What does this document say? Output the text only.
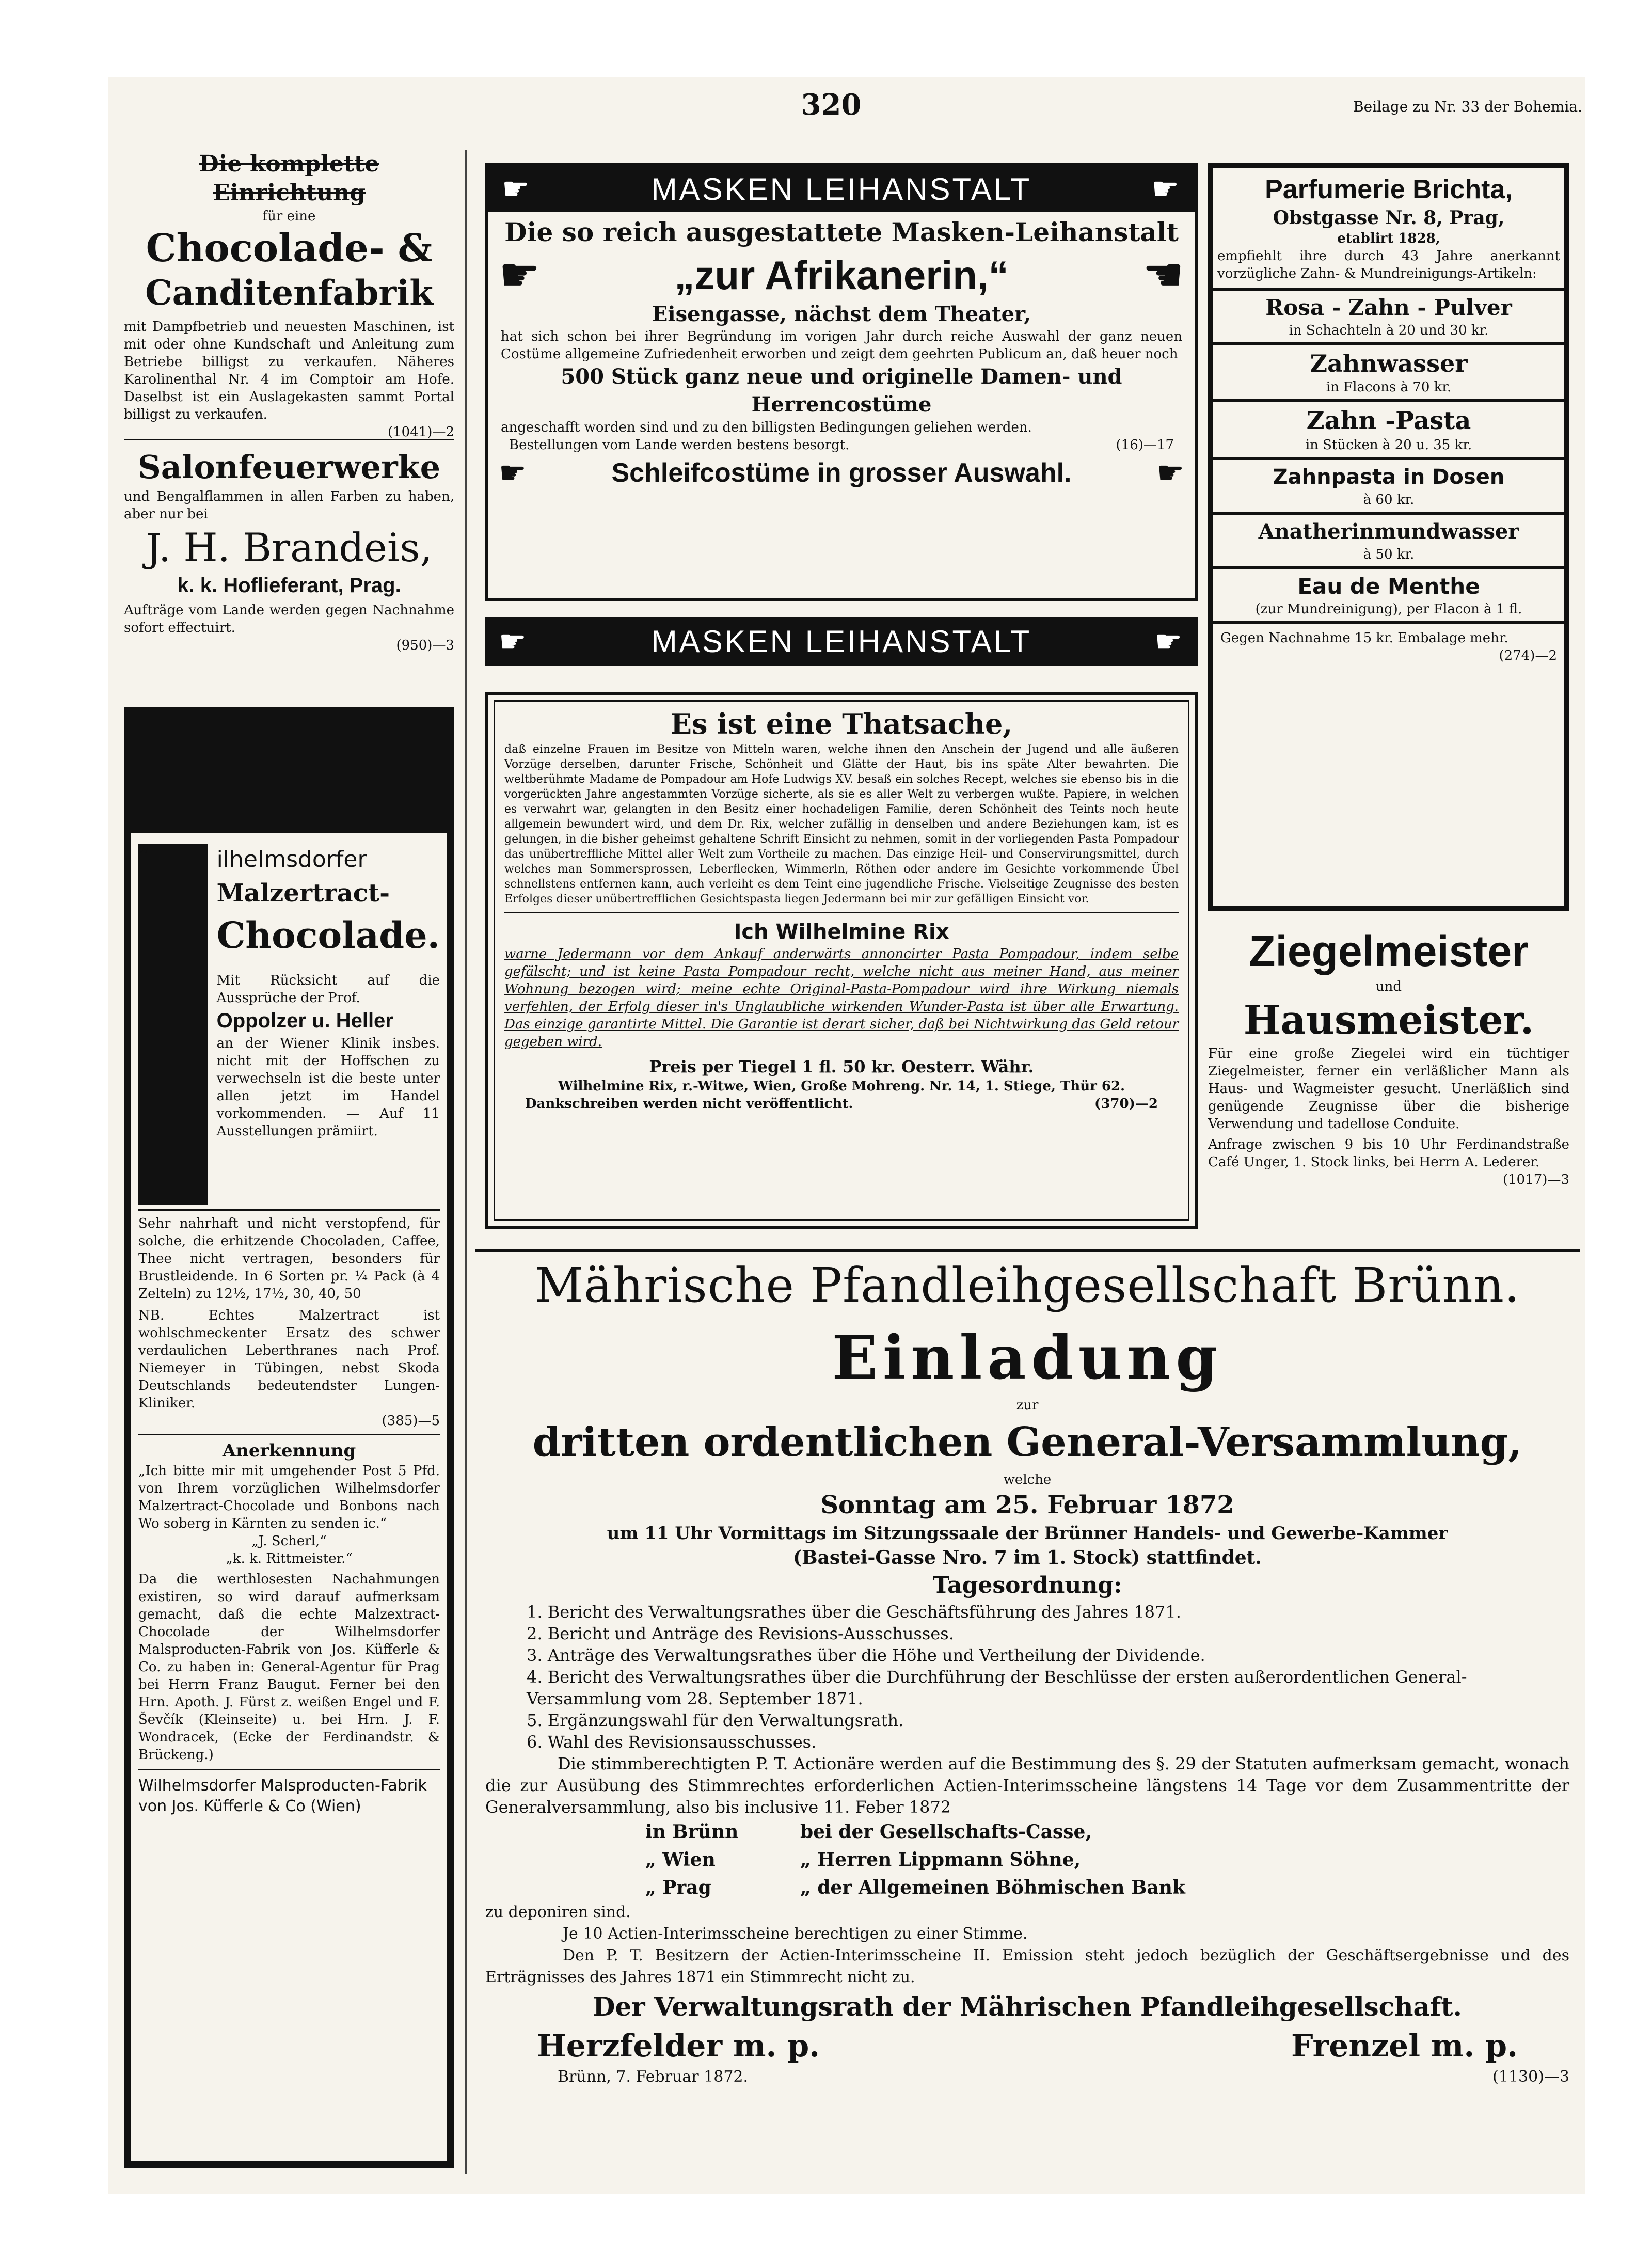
320	Beilage zu Nr. 33 der Bohemia.
Die komplette Einrichtung
für eine
Chocolade- &
Canditenfabrik
mit Dampfbetrieb und neuesten Maschinen, ist mit oder ohne Kundschaft und Anleitung zum Betriebe billigst zu verkaufen. Näheres Karolinenthal Nr. 4 im Comptoir am Hofe. Daselbst ist ein Auslagekasten sammt Portal billigst zu verkaufen.
(1041)—2
Salonfeuerwerke
und Bengalflammen in allen Farben zu haben, aber nur bei
J. H. Brandeis,
k. k. Hoflieferant, Prag.
Aufträge vom Lande werden gegen Nachnahme sofort effectuirt.
(950)—3
W	ilhelmsdorfer
Malzertract-
Chocolade.
Mit Rücksicht auf die Aussprüche der Prof.
Oppolzer u. Heller
an der Wiener Klinik insbes. nicht mit der Hoffschen zu verwechseln ist die beste unter allen jetzt im Handel vorkommenden. — Auf 11 Ausstellungen prämiirt.
Sehr nahrhaft und nicht verstopfend, für solche, die erhitzende Chocoladen, Caffee, Thee nicht vertragen, besonders für Brustleidende. In 6 Sorten pr. ¼ Pack (à 4 Zelteln) zu 12½, 17½, 30, 40, 50
NB. Echtes Malzertract ist wohlschmeckenter Ersatz des schwer verdaulichen Leberthranes nach Prof. Niemeyer in Tübingen, nebst Skoda Deutschlands bedeutendster Lungen-Kliniker.
(385)—5
Anerkennung
„Ich bitte mir mit umgehender Post 5 Pfd. von Ihrem vorzüglichen Wilhelmsdorfer Malzertract-Chocolade und Bonbons nach Wo soberg in Kärnten zu senden ic.“
„J. Scherl,“
„k. k. Rittmeister.“
Da die werthlosesten Nachahmungen existiren, so wird darauf aufmerksam gemacht, daß die echte Malzextract-Chocolade der Wilhelmsdorfer Malsproducten-Fabrik von Jos. Küfferle & Co. zu haben in: General-Agentur für Prag bei Herrn Franz Baugut. Ferner bei den Hrn. Apoth. J. Fürst z. weißen Engel und F. Ševčík (Kleinseite) u. bei Hrn. J. F. Wondracek, (Ecke der Ferdinandstr. & Brückeng.)
Wilhelmsdorfer Malsproducten-Fabrik von Jos. Küfferle & Co (Wien)
☛	MASKEN LEIHANSTALT	☛
Die so reich ausgestattete Masken-Leihanstalt
☛	„zur Afrikanerin,“	☛
Eisengasse, nächst dem Theater,
hat sich schon bei ihrer Begründung im vorigen Jahr durch reiche Auswahl der ganz neuen Costüme allgemeine Zufriedenheit erworben und zeigt dem geehrten Publicum an, daß heuer noch
500 Stück ganz neue und originelle Damen- und Herrencostüme
angeschafft worden sind und zu den billigsten Bedingungen geliehen werden.
Bestellungen vom Lande werden bestens besorgt.	(16)—17
☛	Schleifcostüme in grosser Auswahl.	☛
☛	MASKEN LEIHANSTALT	☛
Es ist eine Thatsache,
daß einzelne Frauen im Besitze von Mitteln waren, welche ihnen den Anschein der Jugend und alle äußeren Vorzüge derselben, darunter Frische, Schönheit und Glätte der Haut, bis ins späte Alter bewahrten. Die weltberühmte Madame de Pompadour am Hofe Ludwigs XV. besaß ein solches Recept, welches sie ebenso bis in die vorgerückten Jahre angestammten Vorzüge sicherte, als sie es aller Welt zu verbergen wußte. Papiere, in welchen es verwahrt war, gelangten in den Besitz einer hochadeligen Familie, deren Schönheit des Teints noch heute allgemein bewundert wird, und dem Dr. Rix, welcher zufällig in denselben und andere Beziehungen kam, ist es gelungen, in die bisher geheimst gehaltene Schrift Einsicht zu nehmen, somit in der vorliegenden Pasta Pompadour das unübertreffliche Mittel aller Welt zum Vortheile zu machen. Das einzige Heil- und Conservirungsmittel, durch welches man Sommersprossen, Leberflecken, Wimmerln, Röthen oder andere im Gesichte vorkommende Übel schnellstens entfernen kann, auch verleiht es dem Teint eine jugendliche Frische. Vielseitige Zeugnisse des besten Erfolges dieser unübertrefflichen Gesichtspasta liegen Jedermann bei mir zur gefälligen Einsicht vor.
Ich Wilhelmine Rix
warne Jedermann vor dem Ankauf anderwärts annoncirter Pasta Pompadour, indem selbe gefälscht; und ist keine Pasta Pompadour recht, welche nicht aus meiner Hand, aus meiner Wohnung bezogen wird; meine echte Original-Pasta-Pompadour wird ihre Wirkung niemals verfehlen, der Erfolg dieser in's Unglaubliche wirkenden Wunder-Pasta ist über alle Erwartung. Das einzige garantirte Mittel. Die Garantie ist derart sicher, daß bei Nichtwirkung das Geld retour gegeben wird.
Preis per Tiegel 1 fl. 50 kr. Oesterr. Währ.
Wilhelmine Rix, r.-Witwe, Wien, Große Mohreng. Nr. 14, 1. Stiege, Thür 62.
Dankschreiben werden nicht veröffentlicht.	(370)—2
Parfumerie Brichta,
Obstgasse Nr. 8, Prag,
etablirt 1828,
empfiehlt ihre durch 43 Jahre anerkannt vorzügliche Zahn- & Mundreinigungs-Artikeln:
Rosa - Zahn - Pulver
in Schachteln à 20 und 30 kr.
Zahnwasser
in Flacons à 70 kr.
Zahn -Pasta
in Stücken à 20 u. 35 kr.
Zahnpasta in Dosen
à 60 kr.
Anatherinmundwasser
à 50 kr.
Eau de Menthe
(zur Mundreinigung), per Flacon à 1 fl.
Gegen Nachnahme 15 kr. Embalage mehr.
(274)—2
Ziegelmeister
und
Hausmeister.
Für eine große Ziegelei wird ein tüchtiger Ziegelmeister, ferner ein verläßlicher Mann als Haus- und Wagmeister gesucht. Unerläßlich sind genügende Zeugnisse über die bisherige Verwendung und tadellose Conduite.
Anfrage zwischen 9 bis 10 Uhr Ferdinandstraße Café Unger, 1. Stock links, bei Herrn A. Lederer.
(1017)—3
Mährische Pfandleihgesellschaft Brünn.
Einladung
zur
dritten ordentlichen General-Versammlung,
welche
Sonntag am 25. Februar 1872
um 11 Uhr Vormittags im Sitzungssaale der Brünner Handels- und Gewerbe-Kammer
(Bastei-Gasse Nro. 7 im 1. Stock) stattfindet.
Tagesordnung:
1. Bericht des Verwaltungsrathes über die Geschäftsführung des Jahres 1871.
2. Bericht und Anträge des Revisions-Ausschusses.
3. Anträge des Verwaltungsrathes über die Höhe und Vertheilung der Dividende.
4. Bericht des Verwaltungsrathes über die Durchführung der Beschlüsse der ersten außerordentlichen General-Versammlung vom 28. September 1871.
5. Ergänzungswahl für den Verwaltungsrath.
6. Wahl des Revisionsausschusses.
Die stimmberechtigten P. T. Actionäre werden auf die Bestimmung des §. 29 der Statuten aufmerksam gemacht, wonach die zur Ausübung des Stimmrechtes erforderlichen Actien-Interimsscheine längstens 14 Tage vor dem Zusammentritte der Generalversammlung, also bis inclusive 11. Feber 1872
in Brünn	bei der Gesellschafts-Casse,
„ Wien	„ Herren Lippmann Söhne,
„ Prag	„ der Allgemeinen Böhmischen Bank
zu deponiren sind.
Je 10 Actien-Interimsscheine berechtigen zu einer Stimme.
Den P. T. Besitzern der Actien-Interimsscheine II. Emission steht jedoch bezüglich der Geschäftsergebnisse und des Erträgnisses des Jahres 1871 ein Stimmrecht nicht zu.
Der Verwaltungsrath der Mährischen Pfandleihgesellschaft.
Herzfelder m. p.	Frenzel m. p.
Brünn, 7. Februar 1872.	(1130)—3
